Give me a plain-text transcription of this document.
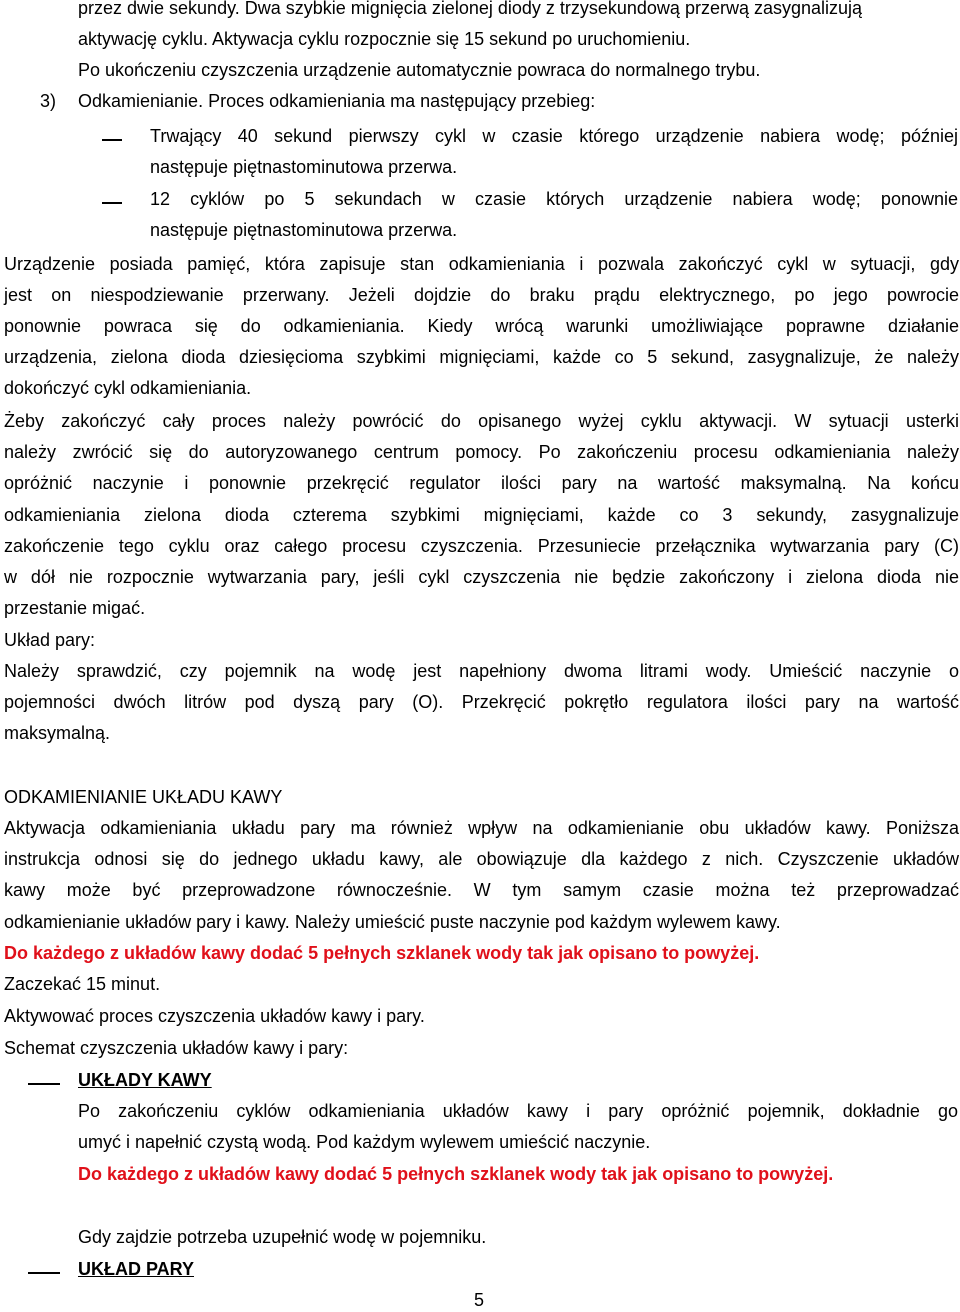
przez dwie sekundy. Dwa szybkie mignięcia zielonej diody z trzysekundową przerwą zasygnalizują

aktywację cyklu. Aktywacja cyklu rozpocznie się 15 sekund po uruchomieniu.

Po ukończeniu czyszczenia urządzenie automatycznie powraca do normalnego trybu.

3) Odkamienianie. Proces odkamieniania ma następujący przebieg:

Trwający 40 sekund pierwszy cykl w czasie którego urządzenie nabiera wodę; później

następuje piętnastominutowa przerwa.

12 cyklów po 5 sekundach w czasie których urządzenie nabiera wodę; ponownie

następuje piętnastominutowa przerwa.

Urządzenie posiada pamięć, która zapisuje stan odkamieniania i pozwala zakończyć cykl w sytuacji, gdy

jest on niespodziewanie przerwany. Jeżeli dojdzie do braku prądu elektrycznego, po jego powrocie

ponownie powraca się do odkamieniania. Kiedy wrócą warunki umożliwiające poprawne działanie

urządzenia, zielona dioda dziesięcioma szybkimi mignięciami, każde co 5 sekund, zasygnalizuje, że należy

dokończyć cykl odkamieniania.

Żeby zakończyć cały proces należy powrócić do opisanego wyżej cyklu aktywacji. W sytuacji usterki

należy zwrócić się do autoryzowanego centrum pomocy. Po zakończeniu procesu odkamieniania należy

opróżnić naczynie i ponownie przekręcić regulator ilości pary na wartość maksymalną. Na końcu

odkamieniania zielona dioda czterema szybkimi mignięciami, każde co 3 sekundy, zasygnalizuje

zakończenie tego cyklu oraz całego procesu czyszczenia. Przesuniecie przełącznika wytwarzania pary (C)

w dół nie rozpocznie wytwarzania pary, jeśli cykl czyszczenia nie będzie zakończony i zielona dioda nie

przestanie migać.

Układ pary:

Należy sprawdzić, czy pojemnik na wodę jest napełniony dwoma litrami wody. Umieścić naczynie o

pojemności dwóch litrów pod dyszą pary (O). Przekręcić pokrętło regulatora ilości pary na wartość

maksymalną.

ODKAMIENIANIE UKŁADU KAWY

Aktywacja odkamieniania układu pary ma również wpływ na odkamienianie obu układów kawy. Poniższa

instrukcja odnosi się do jednego układu kawy, ale obowiązuje dla każdego z nich. Czyszczenie układów

kawy może być przeprowadzone równocześnie. W tym samym czasie można też przeprowadzać

odkamienianie układów pary i kawy. Należy umieścić puste naczynie pod każdym wylewem kawy.

Do każdego z układów kawy dodać 5 pełnych szklanek wody tak jak opisano to powyżej.

Zaczekać 15 minut.

Aktywować proces czyszczenia układów kawy i pary.

Schemat czyszczenia układów kawy i pary:

UKŁADY KAWY

Po zakończeniu cyklów odkamieniania układów kawy i pary opróżnić pojemnik, dokładnie go

umyć i napełnić czystą wodą. Pod każdym wylewem umieścić naczynie.

Do każdego z układów kawy dodać 5 pełnych szklanek wody tak jak opisano to powyżej.

Gdy zajdzie potrzeba uzupełnić wodę w pojemniku.

UKŁAD PARY

5
